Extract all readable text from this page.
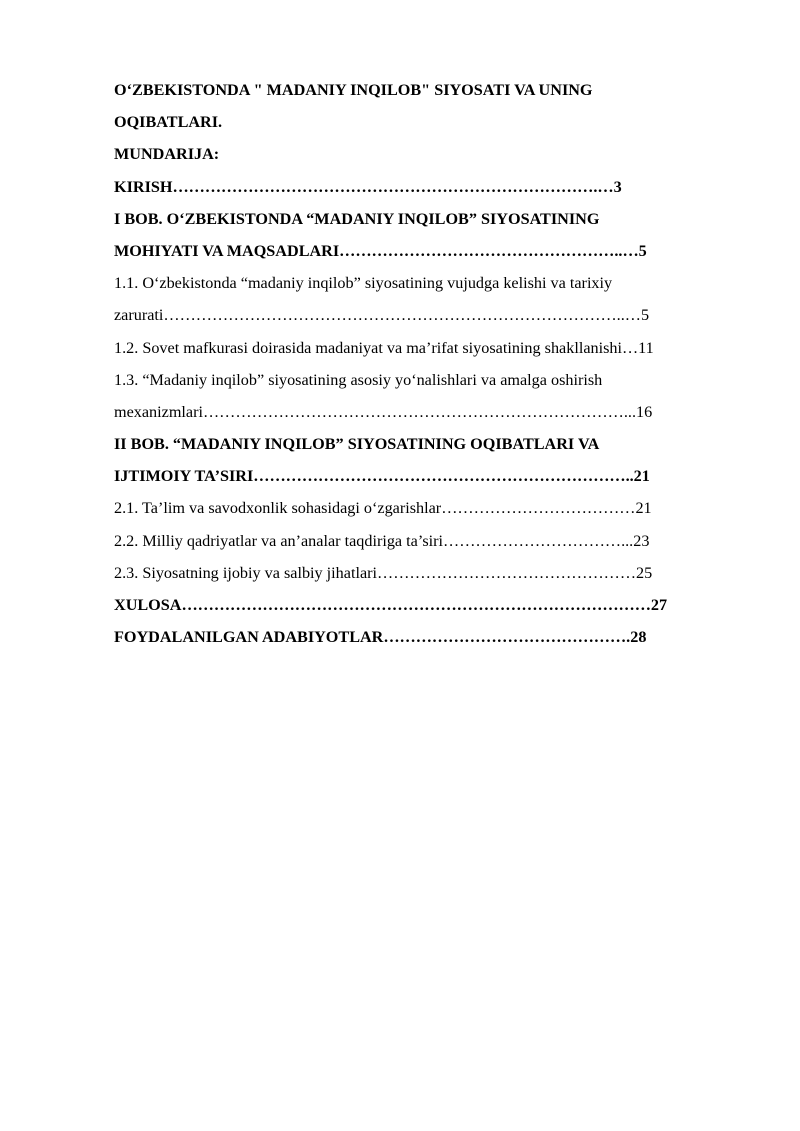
O‘ZBEKISTONDA " MADANIY INQILOB" SIYOSATI VA UNING
OQIBATLARI.
MUNDARIJA:
KIRISH…………………………………………………………………….…3
I BOB. O‘ZBEKISTONDA “MADANIY INQILOB” SIYOSATINING
MOHIYATI VA MAQSADLARI……………………………………………..…5
1.1. O‘zbekistonda “madaniy inqilob” siyosatining vujudga kelishi va tarixiy
zarurati…………………………………………………………………………..…5
1.2. Sovet mafkurasi doirasida madaniyat va ma’rifat siyosatining shakllanishi…11
1.3. “Madaniy inqilob” siyosatining asosiy yo‘nalishlari va amalga oshirish
mexanizmlari……………………………………………………………………...16
II BOB. “MADANIY INQILOB” SIYOSATINING OQIBATLARI VA
IJTIMOIY TA’SIRI……………………………………………………………..21
2.1. Ta’lim va savodxonlik sohasidagi o‘zgarishlar………………………………21
2.2. Milliy qadriyatlar va an’analar taqdiriga ta’siri……………………………...23
2.3. Siyosatning ijobiy va salbiy jihatlari…………………………………………25
XULOSA……………………………………………………………………………27
FOYDALANILGAN ADABIYOTLAR……………………………………….28
